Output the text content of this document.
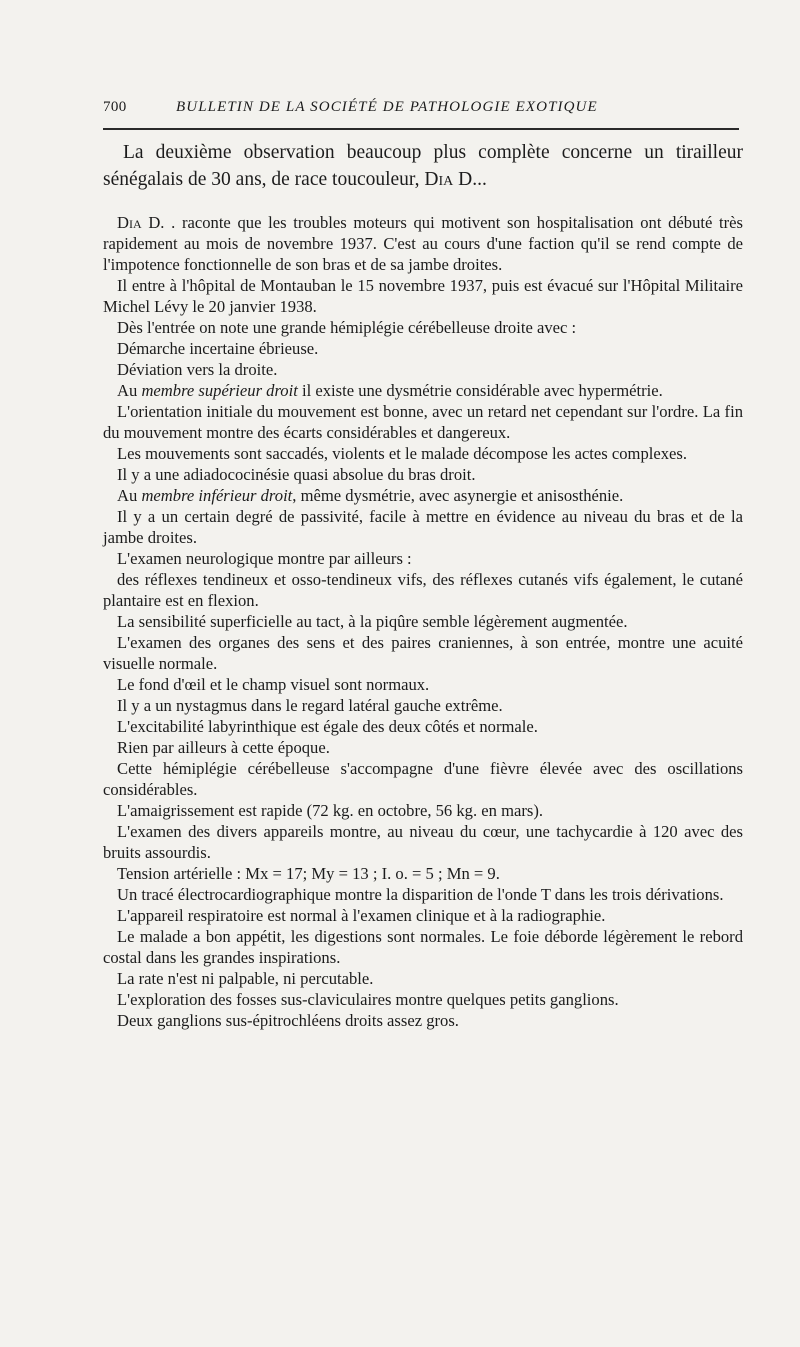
700	BULLETIN DE LA SOCIÉTÉ DE PATHOLOGIE EXOTIQUE

La deuxième observation beaucoup plus complète concerne un tirailleur sénégalais de 30 ans, de race toucouleur, Dia D...

Dia D. . raconte que les troubles moteurs qui motivent son hospitalisation ont débuté très rapidement au mois de novembre 1937. C'est au cours d'une faction qu'il se rend compte de l'impotence fonctionnelle de son bras et de sa jambe droites.

Il entre à l'hôpital de Montauban le 15 novembre 1937, puis est évacué sur l'Hôpital Militaire Michel Lévy le 20 janvier 1938.

Dès l'entrée on note une grande hémiplégie cérébelleuse droite avec :

Démarche incertaine ébrieuse.

Déviation vers la droite.

Au membre supérieur droit il existe une dysmétrie considérable avec hypermétrie.

L'orientation initiale du mouvement est bonne, avec un retard net cependant sur l'ordre. La fin du mouvement montre des écarts considérables et dangereux.

Les mouvements sont saccadés, violents et le malade décompose les actes complexes.

Il y a une adiadococinésie quasi absolue du bras droit.

Au membre inférieur droit, même dysmétrie, avec asynergie et anisosthénie.

Il y a un certain degré de passivité, facile à mettre en évidence au niveau du bras et de la jambe droites.

L'examen neurologique montre par ailleurs :

des réflexes tendineux et osso-tendineux vifs, des réflexes cutanés vifs également, le cutané plantaire est en flexion.

La sensibilité superficielle au tact, à la piqûre semble légèrement augmentée.

L'examen des organes des sens et des paires craniennes, à son entrée, montre une acuité visuelle normale.

Le fond d'œil et le champ visuel sont normaux.

Il y a un nystagmus dans le regard latéral gauche extrême.

L'excitabilité labyrinthique est égale des deux côtés et normale.

Rien par ailleurs à cette époque.

Cette hémiplégie cérébelleuse s'accompagne d'une fièvre élevée avec des oscillations considérables.

L'amaigrissement est rapide (72 kg. en octobre, 56 kg. en mars).

L'examen des divers appareils montre, au niveau du cœur, une tachycardie à 120 avec des bruits assourdis.

Tension artérielle : Mx = 17; My = 13 ; I. o. = 5 ; Mn = 9.

Un tracé électrocardiographique montre la disparition de l'onde T dans les trois dérivations.

L'appareil respiratoire est normal à l'examen clinique et à la radiographie.

Le malade a bon appétit, les digestions sont normales. Le foie déborde légèrement le rebord costal dans les grandes inspirations.

La rate n'est ni palpable, ni percutable.

L'exploration des fosses sus-claviculaires montre quelques petits ganglions.

Deux ganglions sus-épitrochléens droits assez gros.
